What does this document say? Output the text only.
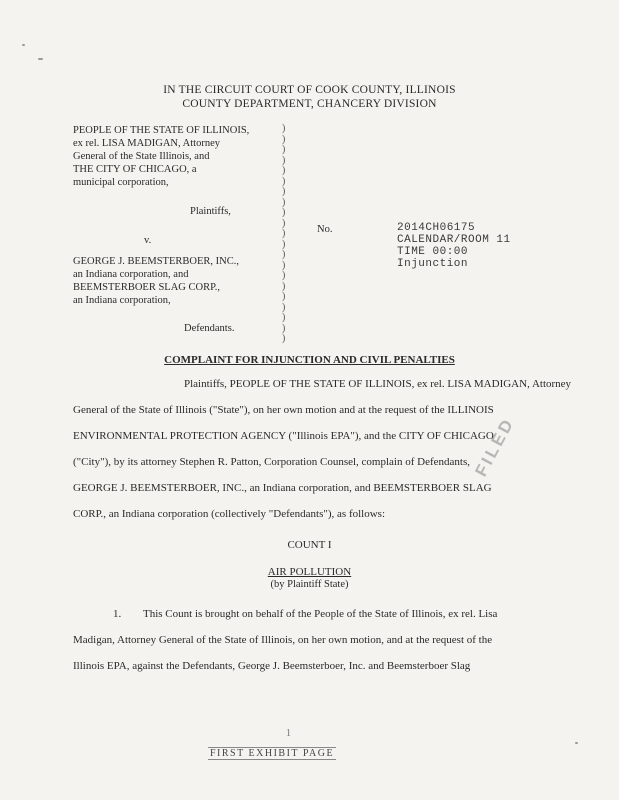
IN THE CIRCUIT COURT OF COOK COUNTY, ILLINOIS
COUNTY DEPARTMENT, CHANCERY DIVISION
PEOPLE OF THE STATE OF ILLINOIS,
ex rel. LISA MADIGAN, Attorney
General of the State Illinois, and
THE CITY OF CHICAGO, a
municipal corporation,
Plaintiffs,
v.
GEORGE J. BEEMSTERBOER, INC.,
an Indiana corporation, and
BEEMSTERBOER SLAG CORP.,
an Indiana corporation,
Defendants.
)
)
)
)
)
)
)
)
)
)
)
)
)
)
)
)
)
)
)
)
)
No.	2014CH06175
CALENDAR/ROOM 11
TIME 00:00
Injunction
COMPLAINT FOR INJUNCTION AND CIVIL PENALTIES
Plaintiffs, PEOPLE OF THE STATE OF ILLINOIS, ex rel. LISA MADIGAN, Attorney
General of the State of Illinois ("State"), on her own motion and at the request of the ILLINOIS
ENVIRONMENTAL PROTECTION AGENCY ("Illinois EPA"), and the CITY OF CHICAGO
("City"), by its attorney Stephen R. Patton, Corporation Counsel, complain of Defendants,
GEORGE J. BEEMSTERBOER, INC., an Indiana corporation, and BEEMSTERBOER SLAG
CORP., an Indiana corporation (collectively "Defendants"), as follows:
FILED
COUNT I
AIR POLLUTION
(by Plaintiff State)
1. This Count is brought on behalf of the People of the State of Illinois, ex rel. Lisa
Madigan, Attorney General of the State of Illinois, on her own motion, and at the request of the
Illinois EPA, against the Defendants, George J. Beemsterboer, Inc. and Beemsterboer Slag
1
FIRST EXHIBIT PAGE
